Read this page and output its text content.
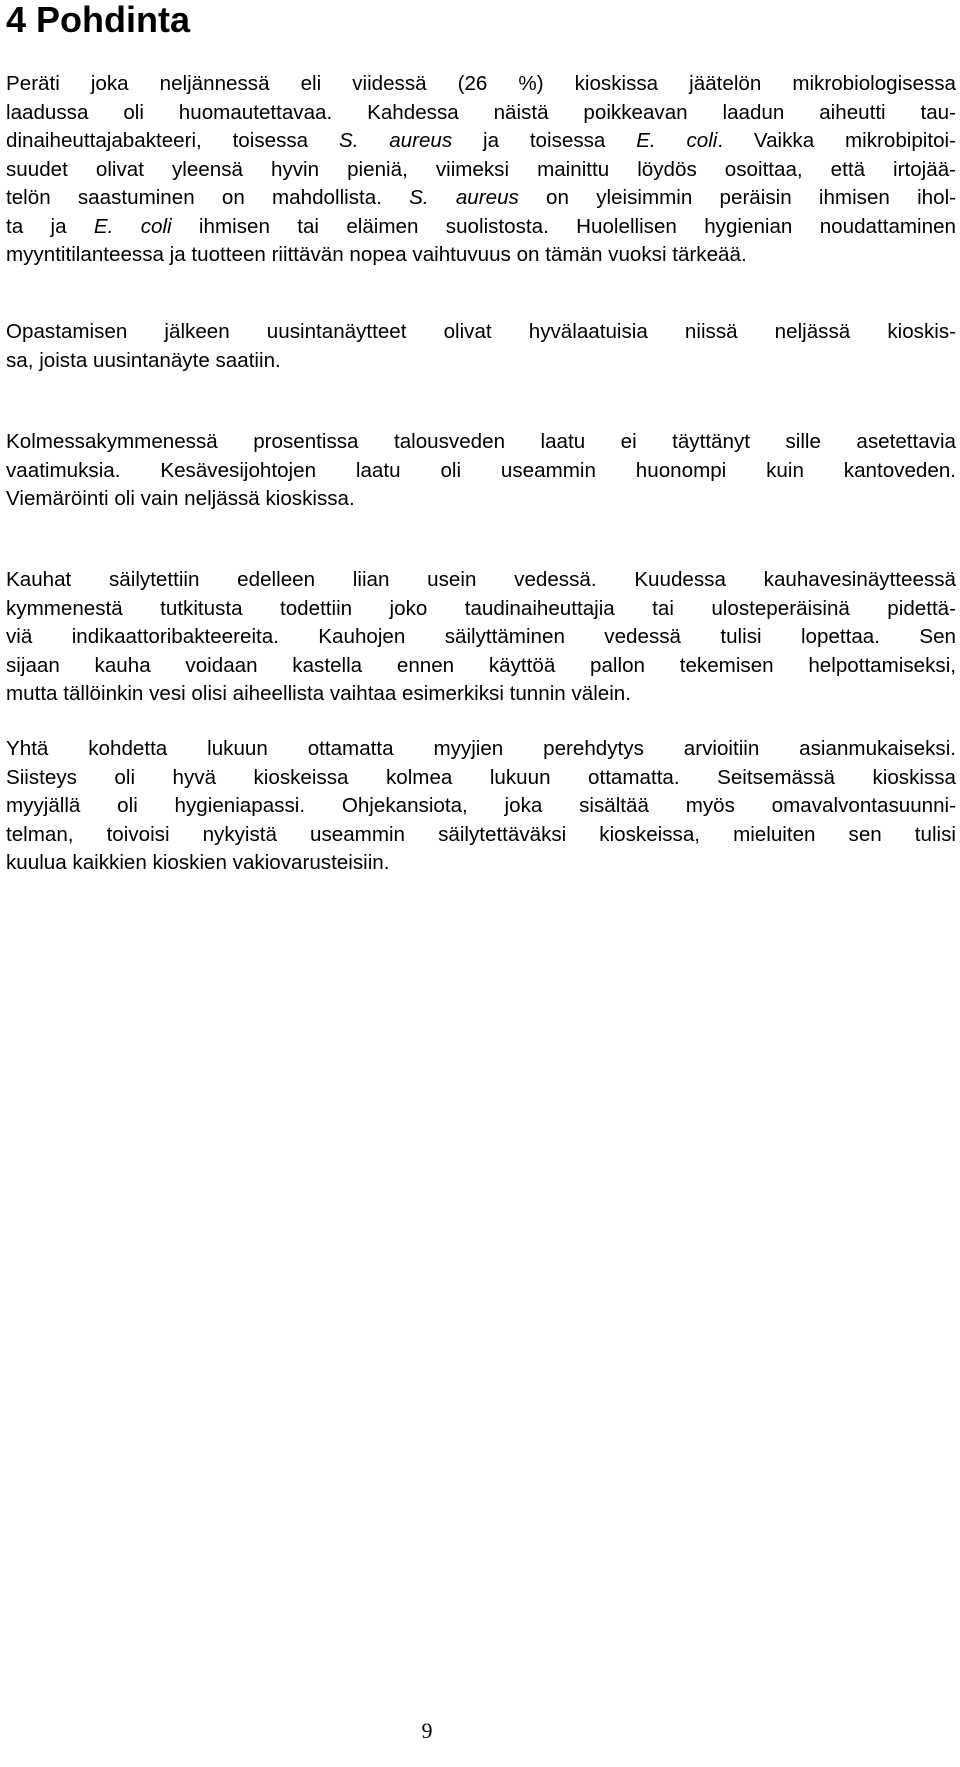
4 Pohdinta
Peräti joka neljännessä eli viidessä (26 %) kioskissa jäätelön mikrobiologisessa
laadussa oli huomautettavaa. Kahdessa näistä poikkeavan laadun aiheutti tau-
dinaiheuttajabakteeri, toisessa S. aureus ja toisessa E. coli. Vaikka mikrobipitoi-
suudet olivat yleensä hyvin pieniä, viimeksi mainittu löydös osoittaa, että irtojää-
telön saastuminen on mahdollista. S. aureus on yleisimmin peräisin ihmisen ihol-
ta ja E. coli ihmisen tai eläimen suolistosta. Huolellisen hygienian noudattaminen
myyntitilanteessa ja tuotteen riittävän nopea vaihtuvuus on tämän vuoksi tärkeää.
Opastamisen jälkeen uusintanäytteet olivat hyvälaatuisia niissä neljässä kioskis-
sa, joista uusintanäyte saatiin.
Kolmessakymmenessä prosentissa talousveden laatu ei täyttänyt sille asetettavia
vaatimuksia. Kesävesijohtojen laatu oli useammin huonompi kuin kantoveden.
Viemäröinti oli vain neljässä kioskissa.
Kauhat säilytettiin edelleen liian usein vedessä. Kuudessa kauhavesinäytteessä
kymmenestä tutkitusta todettiin joko taudinaiheuttajia tai ulosteperäisinä pidettä-
viä indikaattoribakteereita. Kauhojen säilyttäminen vedessä tulisi lopettaa. Sen
sijaan kauha voidaan kastella ennen käyttöä pallon tekemisen helpottamiseksi,
mutta tällöinkin vesi olisi aiheellista vaihtaa esimerkiksi tunnin välein.
Yhtä kohdetta lukuun ottamatta myyjien perehdytys arvioitiin asianmukaiseksi.
Siisteys oli hyvä kioskeissa kolmea lukuun ottamatta. Seitsemässä kioskissa
myyjällä oli hygieniapassi. Ohjekansiota, joka sisältää myös omavalvontasuunni-
telman, toivoisi nykyistä useammin säilytettäväksi kioskeissa, mieluiten sen tulisi
kuulua kaikkien kioskien vakiovarusteisiin.
9
